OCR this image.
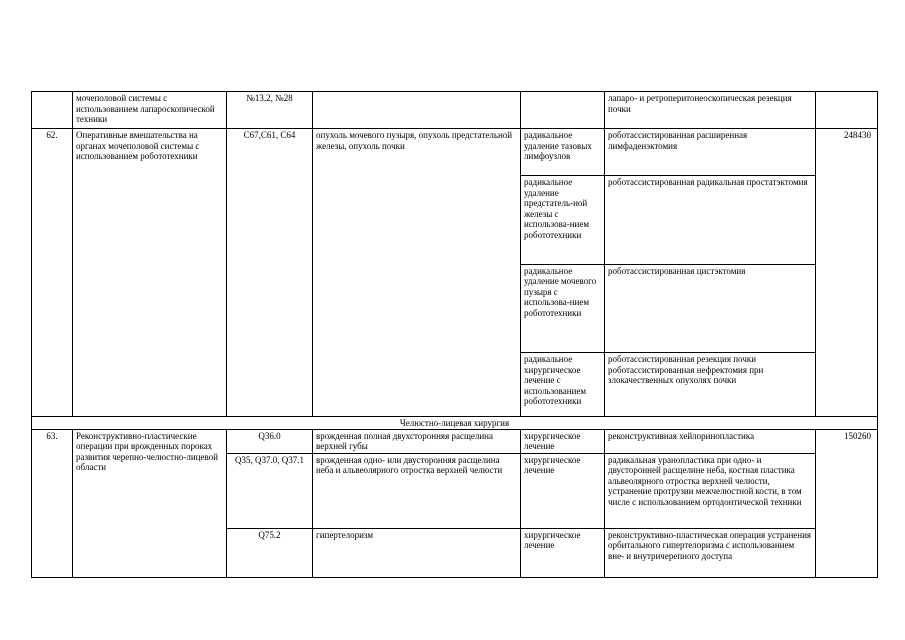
	мочеполовой системы с использованием лапароскопической техники	№13.2, №28			лапаро- и ретроперитонеоскопическая резекция почки	
62.	Оперативные вмешательства на органах мочеполовой системы с использованием робототехники	C67,C61, C64	опухоль мочевого пузыря, опухоль предстательной железы, опухоль почки	радикальное удаление тазовых лимфоузлов	роботассистированная расширенная лимфаденэктомия	248430
				радикальное удаление предстатель-ной железы с использова-нием робототехники	роботассистированная радикальная простатэктомия	
				радикальное удаление мочевого пузыря с использова-нием робототехники	роботассистированная цистэктомия	
				радикальное хирургическое лечение с использованием робототехники	роботассистированная резекция почки роботассистированная нефректомия при злокачественных опухолях почки	
Челюстно-лицевая хирургия						
63.	Реконструктивно-пластические операции при врожденных пороках развития черепно-челюстно-лицевой области	Q36.0	врожденная полная двухсторонняя расщелина верхней губы	хирургическое лечение	реконструктивная хейлоринопластика	150260
		Q35, Q37.0, Q37.1	врожденная одно- или двусторонняя расщелина неба и альвеолярного отростка верхней челюсти	хирургическое лечение	радикальная уранопластика при одно- и двусторонней расщелине неба, костная пластика альвеолярного отростка верхней челюсти, устранение протрузии межчелюстной кости, в том числе с использованием ортодонтической техники	
		Q75.2	гипертелоризм	хирургическое лечение	реконструктивно-пластическая операция устранения орбитального гипертелоризма с использованием вне- и внутричерепного доступа	
